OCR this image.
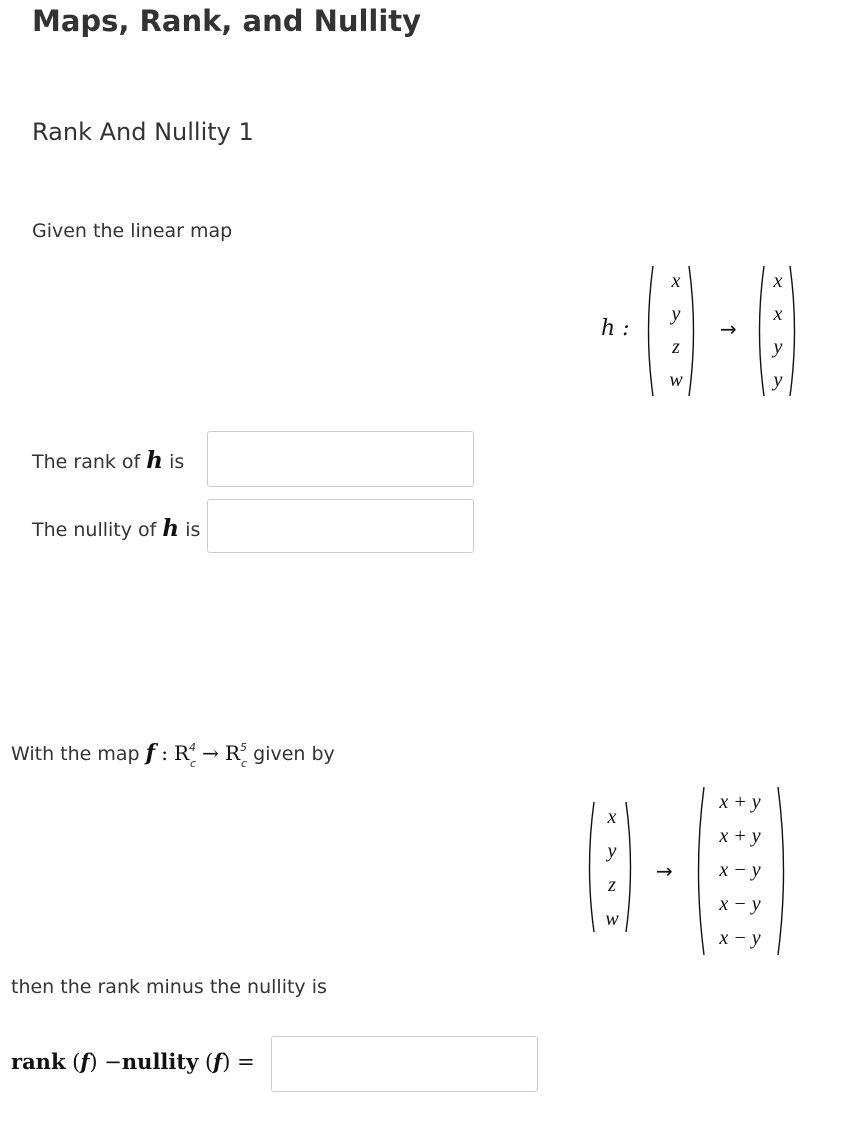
Maps, Rank, and Nullity
Rank And Nullity 1
Given the linear map
h :
x
y
z
w
→
x
x
y
y
The rank of h is
The nullity of h is
With the map f : $R^4_c \to R^5_c$ given by
x
y
z
w
→
x + y
x + y
x − y
x − y
x − y
then the rank minus the nullity is
rank (f) −nullity (f) =
